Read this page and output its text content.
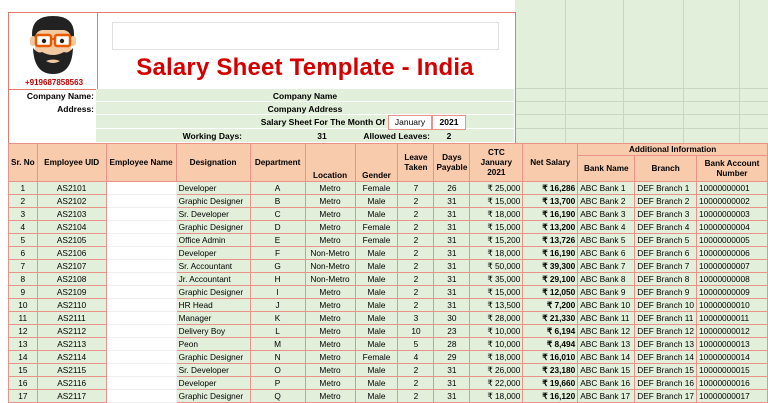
+919687858563
Salary Sheet Template - India
Company Name:	Company Name
Address:	Company Address
Salary Sheet For The Month Of	January	2021
Working Days:	31	Allowed Leaves:	2
Sr. No	Employee UID	Employee Name	Designation	Department	Location	Gender	Leave Taken	Days Payable	CTC January 2021	Net Salary	Additional Information		
											Bank Name	Branch	Bank Account Number
1	AS2101		Developer	A	Metro	Female	7	26	₹ 25,000	₹ 16,286	ABC Bank 1	DEF Branch 1	10000000001
2	AS2102		Graphic Designer	B	Metro	Male	2	31	₹ 15,000	₹ 13,700	ABC Bank 2	DEF Branch 2	10000000002
3	AS2103		Sr. Developer	C	Metro	Male	2	31	₹ 18,000	₹ 16,190	ABC Bank 3	DEF Branch 3	10000000003
4	AS2104		Graphic Designer	D	Metro	Female	2	31	₹ 15,000	₹ 13,200	ABC Bank 4	DEF Branch 4	10000000004
5	AS2105		Office Admin	E	Metro	Female	2	31	₹ 15,200	₹ 13,726	ABC Bank 5	DEF Branch 5	10000000005
6	AS2106		Developer	F	Non-Metro	Male	2	31	₹ 18,000	₹ 16,190	ABC Bank 6	DEF Branch 6	10000000006
7	AS2107		Sr. Accountant	G	Non-Metro	Male	2	31	₹ 50,000	₹ 39,300	ABC Bank 7	DEF Branch 7	10000000007
8	AS2108		Jr. Accountant	H	Non-Metro	Male	2	31	₹ 35,000	₹ 29,100	ABC Bank 8	DEF Branch 8	10000000008
9	AS2109		Graphic Designer	I	Metro	Male	2	31	₹ 15,000	₹ 12,050	ABC Bank 9	DEF Branch 9	10000000009
10	AS2110		HR Head	J	Metro	Male	2	31	₹ 13,500	₹ 7,200	ABC Bank 10	DEF Branch 10	10000000010
11	AS2111		Manager	K	Metro	Male	3	30	₹ 28,000	₹ 21,330	ABC Bank 11	DEF Branch 11	10000000011
12	AS2112		Delivery Boy	L	Metro	Male	10	23	₹ 10,000	₹ 6,194	ABC Bank 12	DEF Branch 12	10000000012
13	AS2113		Peon	M	Metro	Male	5	28	₹ 10,000	₹ 8,494	ABC Bank 13	DEF Branch 13	10000000013
14	AS2114		Graphic Designer	N	Metro	Female	4	29	₹ 18,000	₹ 16,010	ABC Bank 14	DEF Branch 14	10000000014
15	AS2115		Sr. Developer	O	Metro	Male	2	31	₹ 26,000	₹ 23,180	ABC Bank 15	DEF Branch 15	10000000015
16	AS2116		Developer	P	Metro	Male	2	31	₹ 22,000	₹ 19,660	ABC Bank 16	DEF Branch 16	10000000016
17	AS2117		Graphic Designer	Q	Metro	Male	2	31	₹ 18,000	₹ 16,120	ABC Bank 17	DEF Branch 17	10000000017
